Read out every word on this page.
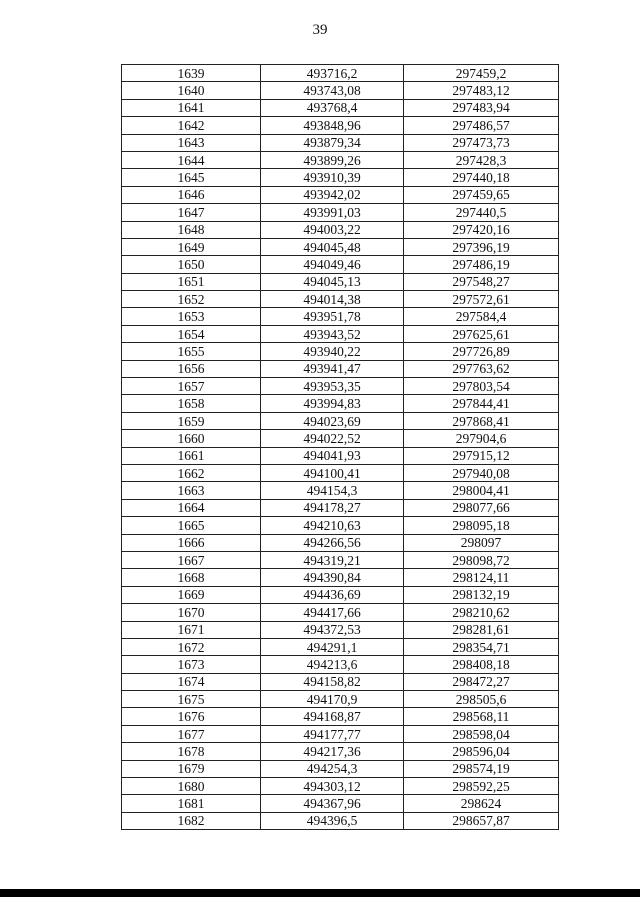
39
1639	493716,2	297459,2
1640	493743,08	297483,12
1641	493768,4	297483,94
1642	493848,96	297486,57
1643	493879,34	297473,73
1644	493899,26	297428,3
1645	493910,39	297440,18
1646	493942,02	297459,65
1647	493991,03	297440,5
1648	494003,22	297420,16
1649	494045,48	297396,19
1650	494049,46	297486,19
1651	494045,13	297548,27
1652	494014,38	297572,61
1653	493951,78	297584,4
1654	493943,52	297625,61
1655	493940,22	297726,89
1656	493941,47	297763,62
1657	493953,35	297803,54
1658	493994,83	297844,41
1659	494023,69	297868,41
1660	494022,52	297904,6
1661	494041,93	297915,12
1662	494100,41	297940,08
1663	494154,3	298004,41
1664	494178,27	298077,66
1665	494210,63	298095,18
1666	494266,56	298097
1667	494319,21	298098,72
1668	494390,84	298124,11
1669	494436,69	298132,19
1670	494417,66	298210,62
1671	494372,53	298281,61
1672	494291,1	298354,71
1673	494213,6	298408,18
1674	494158,82	298472,27
1675	494170,9	298505,6
1676	494168,87	298568,11
1677	494177,77	298598,04
1678	494217,36	298596,04
1679	494254,3	298574,19
1680	494303,12	298592,25
1681	494367,96	298624
1682	494396,5	298657,87
